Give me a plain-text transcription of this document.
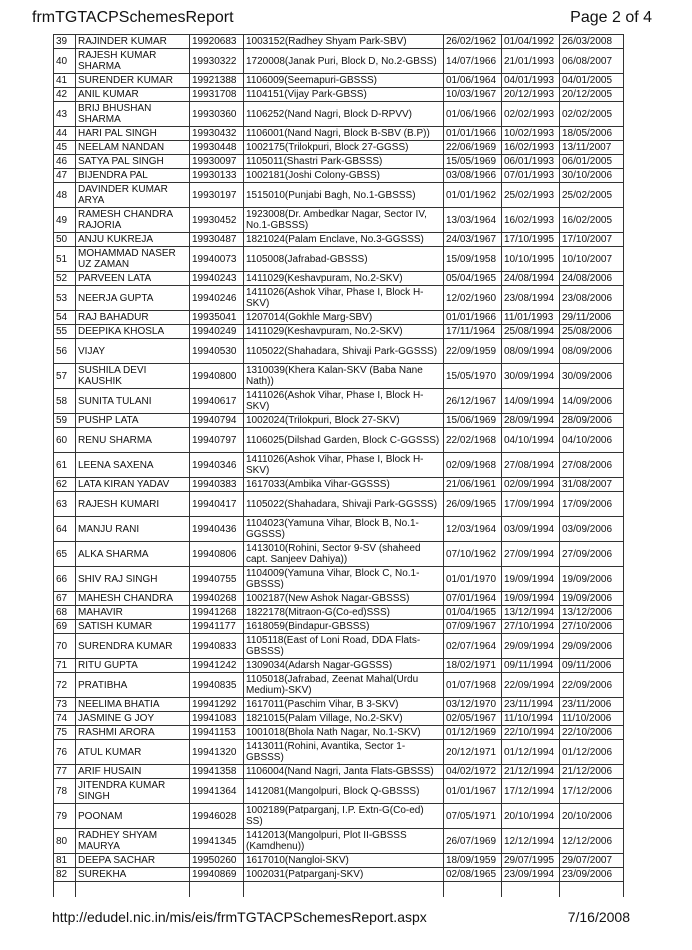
frmTGTACPSchemesReport	Page 2 of 4
39	RAJINDER KUMAR	19920683	1003152(Radhey Shyam Park-SBV)	26/02/1962	01/04/1992	26/03/2008
40	RAJESH KUMAR SHARMA	19930322	1720008(Janak Puri, Block D, No.2-GBSS)	14/07/1966	21/01/1993	06/08/2007
41	SURENDER KUMAR	19921388	1106009(Seemapuri-GBSSS)	01/06/1964	04/01/1993	04/01/2005
42	ANIL KUMAR	19931708	1104151(Vijay Park-GBSS)	10/03/1967	20/12/1993	20/12/2005
43	BRIJ BHUSHAN SHARMA	19930360	1106252(Nand Nagri, Block D-RPVV)	01/06/1966	02/02/1993	02/02/2005
44	HARI PAL SINGH	19930432	1106001(Nand Nagri, Block B-SBV (B.P))	01/01/1966	10/02/1993	18/05/2006
45	NEELAM NANDAN	19930448	1002175(Trilokpuri, Block 27-GGSS)	22/06/1969	16/02/1993	13/11/2007
46	SATYA PAL SINGH	19930097	1105011(Shastri Park-GBSSS)	15/05/1969	06/01/1993	06/01/2005
47	BIJENDRA PAL	19930133	1002181(Joshi Colony-GBSS)	03/08/1966	07/01/1993	30/10/2006
48	DAVINDER KUMAR ARYA	19930197	1515010(Punjabi Bagh, No.1-GBSSS)	01/01/1962	25/02/1993	25/02/2005
49	RAMESH CHANDRA RAJORIA	19930452	1923008(Dr. Ambedkar Nagar, Sector IV, No.1-GBSSS)	13/03/1964	16/02/1993	16/02/2005
50	ANJU KUKREJA	19930487	1821024(Palam Enclave, No.3-GGSSS)	24/03/1967	17/10/1995	17/10/2007
51	MOHAMMAD NASER UZ ZAMAN	19940073	1105008(Jafrabad-GBSSS)	15/09/1958	10/10/1995	10/10/2007
52	PARVEEN LATA	19940243	1411029(Keshavpuram, No.2-SKV)	05/04/1965	24/08/1994	24/08/2006
53	NEERJA GUPTA	19940246	1411026(Ashok Vihar, Phase I, Block H-SKV)	12/02/1960	23/08/1994	23/08/2006
54	RAJ BAHADUR	19935041	1207014(Gokhle Marg-SBV)	01/01/1966	11/01/1993	29/11/2006
55	DEEPIKA KHOSLA	19940249	1411029(Keshavpuram, No.2-SKV)	17/11/1964	25/08/1994	25/08/2006
56	VIJAY	19940530	1105022(Shahadara, Shivaji Park-GGSSS)	22/09/1959	08/09/1994	08/09/2006
57	SUSHILA DEVI KAUSHIK	19940800	1310039(Khera Kalan-SKV (Baba Nane Nath))	15/05/1970	30/09/1994	30/09/2006
58	SUNITA TULANI	19940617	1411026(Ashok Vihar, Phase I, Block H-SKV)	26/12/1967	14/09/1994	14/09/2006
59	PUSHP LATA	19940794	1002024(Trilokpuri, Block 27-SKV)	15/06/1969	28/09/1994	28/09/2006
60	RENU SHARMA	19940797	1106025(Dilshad Garden, Block C-GGSSS)	22/02/1968	04/10/1994	04/10/2006
61	LEENA SAXENA	19940346	1411026(Ashok Vihar, Phase I, Block H-SKV)	02/09/1968	27/08/1994	27/08/2006
62	LATA KIRAN YADAV	19940383	1617033(Ambika Vihar-GGSSS)	21/06/1961	02/09/1994	31/08/2007
63	RAJESH KUMARI	19940417	1105022(Shahadara, Shivaji Park-GGSSS)	26/09/1965	17/09/1994	17/09/2006
64	MANJU RANI	19940436	1104023(Yamuna Vihar, Block B, No.1-GGSSS)	12/03/1964	03/09/1994	03/09/2006
65	ALKA SHARMA	19940806	1413010(Rohini, Sector 9-SV (shaheed capt. Sanjeev Dahiya))	07/10/1962	27/09/1994	27/09/2006
66	SHIV RAJ SINGH	19940755	1104009(Yamuna Vihar, Block C, No.1-GBSSS)	01/01/1970	19/09/1994	19/09/2006
67	MAHESH CHANDRA	19940268	1002187(New Ashok Nagar-GBSSS)	07/01/1964	19/09/1994	19/09/2006
68	MAHAVIR	19941268	1822178(Mitraon-G(Co-ed)SSS)	01/04/1965	13/12/1994	13/12/2006
69	SATISH KUMAR	19941177	1618059(Bindapur-GBSSS)	07/09/1967	27/10/1994	27/10/2006
70	SURENDRA KUMAR	19940833	1105118(East of Loni Road, DDA Flats-GBSSS)	02/07/1964	29/09/1994	29/09/2006
71	RITU GUPTA	19941242	1309034(Adarsh Nagar-GGSSS)	18/02/1971	09/11/1994	09/11/2006
72	PRATIBHA	19940835	1105018(Jafrabad, Zeenat Mahal(Urdu Medium)-SKV)	01/07/1968	22/09/1994	22/09/2006
73	NEELIMA BHATIA	19941292	1617011(Paschim Vihar, B 3-SKV)	03/12/1970	23/11/1994	23/11/2006
74	JASMINE G JOY	19941083	1821015(Palam Village, No.2-SKV)	02/05/1967	11/10/1994	11/10/2006
75	RASHMI ARORA	19941153	1001018(Bhola Nath Nagar, No.1-SKV)	01/12/1969	22/10/1994	22/10/2006
76	ATUL KUMAR	19941320	1413011(Rohini, Avantika, Sector 1-GBSSS)	20/12/1971	01/12/1994	01/12/2006
77	ARIF HUSAIN	19941358	1106004(Nand Nagri, Janta Flats-GBSSS)	04/02/1972	21/12/1994	21/12/2006
78	JITENDRA KUMAR SINGH	19941364	1412081(Mangolpuri, Block Q-GBSSS)	01/01/1967	17/12/1994	17/12/2006
79	POONAM	19946028	1002189(Patparganj, I.P. Extn-G(Co-ed) SS)	07/05/1971	20/10/1994	20/10/2006
80	RADHEY SHYAM MAURYA	19941345	1412013(Mangolpuri, Plot II-GBSSS (Kamdhenu))	26/07/1969	12/12/1994	12/12/2006
81	DEEPA SACHAR	19950260	1617010(Nangloi-SKV)	18/09/1959	29/07/1995	29/07/2007
82	SUREKHA	19940869	1002031(Patparganj-SKV)	02/08/1965	23/09/1994	23/09/2006

http://edudel.nic.in/mis/eis/frmTGTACPSchemesReport.aspx	7/16/2008
